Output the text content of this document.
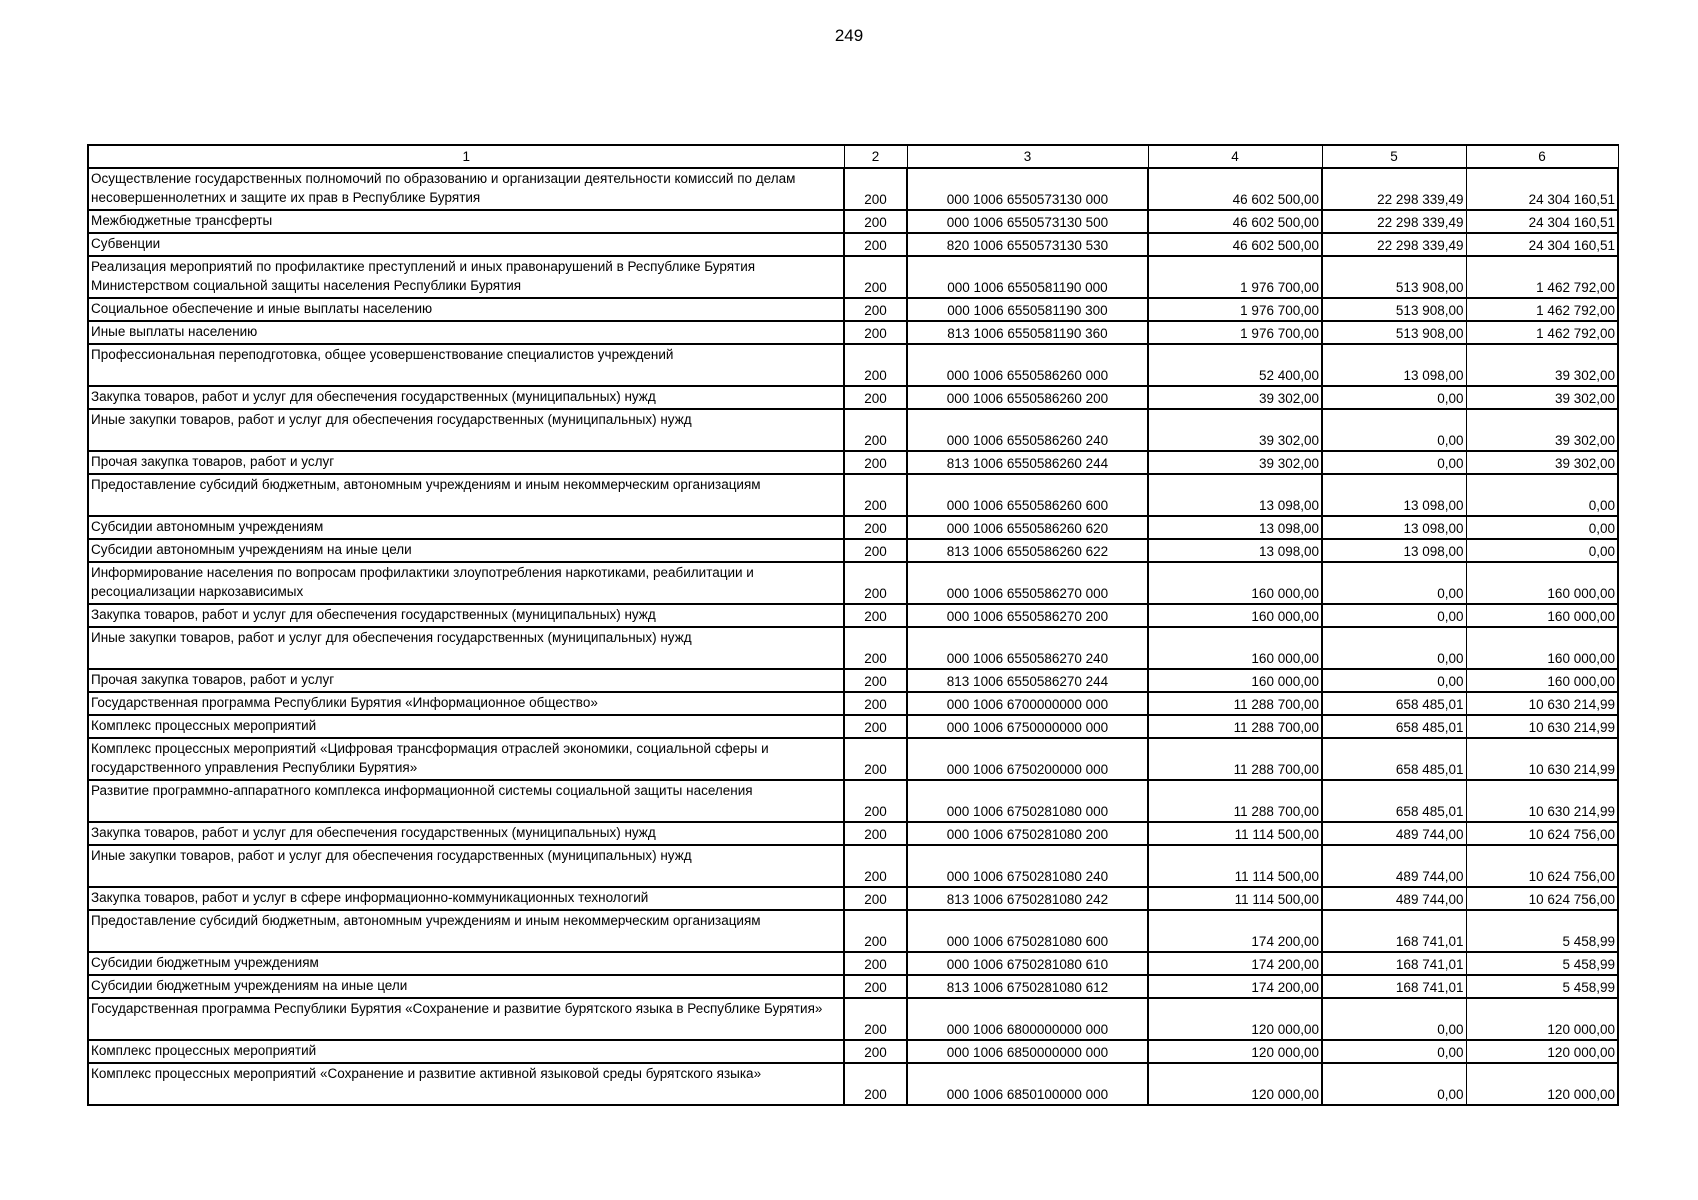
249
1	2	3	4	5	6
Осуществление государственных полномочий по образованию и организации деятельности комиссий по делам несовершеннолетних и защите их прав в Республике Бурятия	200	000 1006 6550573130 000	46 602 500,00	22 298 339,49	24 304 160,51
Межбюджетные трансферты	200	000 1006 6550573130 500	46 602 500,00	22 298 339,49	24 304 160,51
Субвенции	200	820 1006 6550573130 530	46 602 500,00	22 298 339,49	24 304 160,51
Реализация мероприятий по профилактике преступлений и иных правонарушений в Республике Бурятия Министерством социальной защиты населения Республики Бурятия	200	000 1006 6550581190 000	1 976 700,00	513 908,00	1 462 792,00
Социальное обеспечение и иные выплаты населению	200	000 1006 6550581190 300	1 976 700,00	513 908,00	1 462 792,00
Иные выплаты населению	200	813 1006 6550581190 360	1 976 700,00	513 908,00	1 462 792,00
Профессиональная переподготовка, общее усовершенствование специалистов учреждений	200	000 1006 6550586260 000	52 400,00	13 098,00	39 302,00
Закупка товаров, работ и услуг для обеспечения государственных (муниципальных) нужд	200	000 1006 6550586260 200	39 302,00	0,00	39 302,00
Иные закупки товаров, работ и услуг для обеспечения государственных (муниципальных) нужд	200	000 1006 6550586260 240	39 302,00	0,00	39 302,00
Прочая закупка товаров, работ и услуг	200	813 1006 6550586260 244	39 302,00	0,00	39 302,00
Предоставление субсидий бюджетным, автономным учреждениям и иным некоммерческим организациям	200	000 1006 6550586260 600	13 098,00	13 098,00	0,00
Субсидии автономным учреждениям	200	000 1006 6550586260 620	13 098,00	13 098,00	0,00
Субсидии автономным учреждениям на иные цели	200	813 1006 6550586260 622	13 098,00	13 098,00	0,00
Информирование населения по вопросам профилактики злоупотребления наркотиками, реабилитации и ресоциализации наркозависимых	200	000 1006 6550586270 000	160 000,00	0,00	160 000,00
Закупка товаров, работ и услуг для обеспечения государственных (муниципальных) нужд	200	000 1006 6550586270 200	160 000,00	0,00	160 000,00
Иные закупки товаров, работ и услуг для обеспечения государственных (муниципальных) нужд	200	000 1006 6550586270 240	160 000,00	0,00	160 000,00
Прочая закупка товаров, работ и услуг	200	813 1006 6550586270 244	160 000,00	0,00	160 000,00
Государственная программа Республики Бурятия «Информационное общество»	200	000 1006 6700000000 000	11 288 700,00	658 485,01	10 630 214,99
Комплекс процессных мероприятий	200	000 1006 6750000000 000	11 288 700,00	658 485,01	10 630 214,99
Комплекс процессных мероприятий «Цифровая трансформация отраслей экономики, социальной сферы и государственного управления Республики Бурятия»	200	000 1006 6750200000 000	11 288 700,00	658 485,01	10 630 214,99
Развитие программно-аппаратного комплекса информационной системы социальной защиты населения	200	000 1006 6750281080 000	11 288 700,00	658 485,01	10 630 214,99
Закупка товаров, работ и услуг для обеспечения государственных (муниципальных) нужд	200	000 1006 6750281080 200	11 114 500,00	489 744,00	10 624 756,00
Иные закупки товаров, работ и услуг для обеспечения государственных (муниципальных) нужд	200	000 1006 6750281080 240	11 114 500,00	489 744,00	10 624 756,00
Закупка товаров, работ и услуг в сфере информационно-коммуникационных технологий	200	813 1006 6750281080 242	11 114 500,00	489 744,00	10 624 756,00
Предоставление субсидий бюджетным, автономным учреждениям и иным некоммерческим организациям	200	000 1006 6750281080 600	174 200,00	168 741,01	5 458,99
Субсидии бюджетным учреждениям	200	000 1006 6750281080 610	174 200,00	168 741,01	5 458,99
Субсидии бюджетным учреждениям на иные цели	200	813 1006 6750281080 612	174 200,00	168 741,01	5 458,99
Государственная программа Республики Бурятия «Сохранение и развитие бурятского языка в Республике Бурятия»	200	000 1006 6800000000 000	120 000,00	0,00	120 000,00
Комплекс процессных мероприятий	200	000 1006 6850000000 000	120 000,00	0,00	120 000,00
Комплекс процессных мероприятий «Сохранение и развитие активной языковой среды бурятского языка»	200	000 1006 6850100000 000	120 000,00	0,00	120 000,00
